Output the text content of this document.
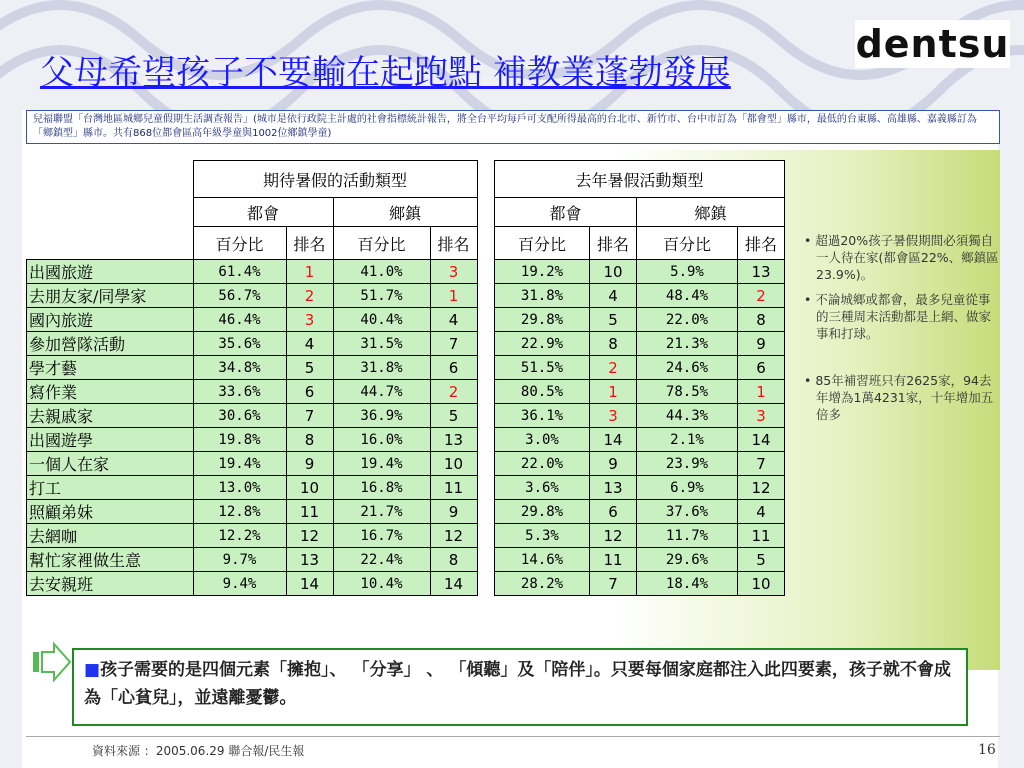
父母希望孩子不要輸在起跑點 補教業蓬勃發展
dentsu
兒福聯盟「台灣地區城鄉兒童假期生活調查報告」(城市是依行政院主計處的社會指標統計報告，將全台平均每戶可支配所得最高的台北市、新竹市、台中市訂為「都會型」縣市，最低的台東縣、高雄縣、嘉義縣訂為「鄉鎮型」縣市。共有868位都會區高年級學童與1002位鄉鎮學童)
	期待暑假的活動類型			
	都會		鄉鎮	
	百分比	排名	百分比	排名
出國旅遊	61.4%	1	41.0%	3
去朋友家/同學家	56.7%	2	51.7%	1
國內旅遊	46.4%	3	40.4%	4
參加營隊活動	35.6%	4	31.5%	7
學才藝	34.8%	5	31.8%	6
寫作業	33.6%	6	44.7%	2
去親戚家	30.6%	7	36.9%	5
出國遊學	19.8%	8	16.0%	13
一個人在家	19.4%	9	19.4%	10
打工	13.0%	10	16.8%	11
照顧弟妹	12.8%	11	21.7%	9
去網咖	12.2%	12	16.7%	12
幫忙家裡做生意	9.7%	13	22.4%	8
去安親班	9.4%	14	10.4%	14
去年暑假活動類型			
都會		鄉鎮	
百分比	排名	百分比	排名
19.2%	10	5.9%	13
31.8%	4	48.4%	2
29.8%	5	22.0%	8
22.9%	8	21.3%	9
51.5%	2	24.6%	6
80.5%	1	78.5%	1
36.1%	3	44.3%	3
3.0%	14	2.1%	14
22.0%	9	23.9%	7
3.6%	13	6.9%	12
29.8%	6	37.6%	4
5.3%	12	11.7%	11
14.6%	11	29.6%	5
28.2%	7	18.4%	10
• 超過20%孩子暑假期間必須獨自一人待在家(都會區22%、鄉鎮區23.9%)。
• 不論城鄉或都會，最多兒童從事的三種周末活動都是上網、做家事和打球。
• 85年補習班只有2625家，94去年增為1萬4231家，十年增加五倍多
■孩子需要的是四個元素「擁抱」、 「分享」 、 「傾聽」及「陪伴」。只要每個家庭都注入此四要素，孩子就不會成為「心貧兒」，並遠離憂鬱。
資料來源 ：2005.06.29 聯合報/民生報	16
